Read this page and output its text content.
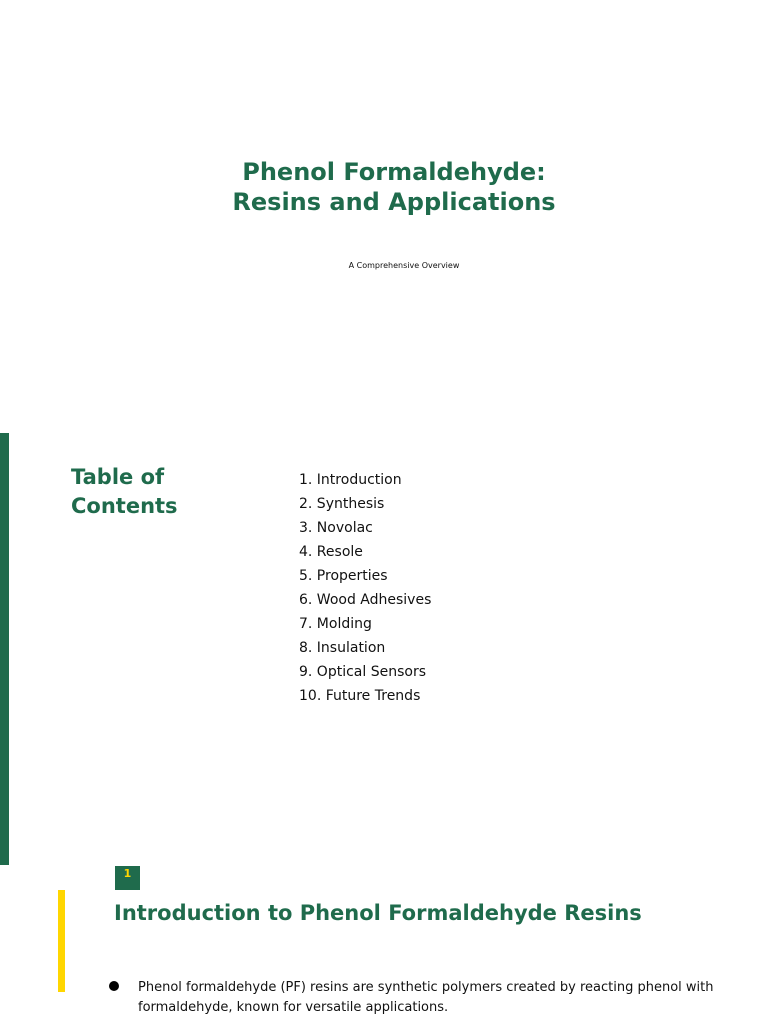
Phenol Formaldehyde:
Resins and Applications
A Comprehensive Overview
Table of
Contents
1. Introduction
2. Synthesis
3. Novolac
4. Resole
5. Properties
6. Wood Adhesives
7. Molding
8. Insulation
9. Optical Sensors
10. Future Trends
1
Introduction to Phenol Formaldehyde Resins

Phenol formaldehyde (PF) resins are synthetic polymers created by reacting phenol with formaldehyde, known for versatile applications.
